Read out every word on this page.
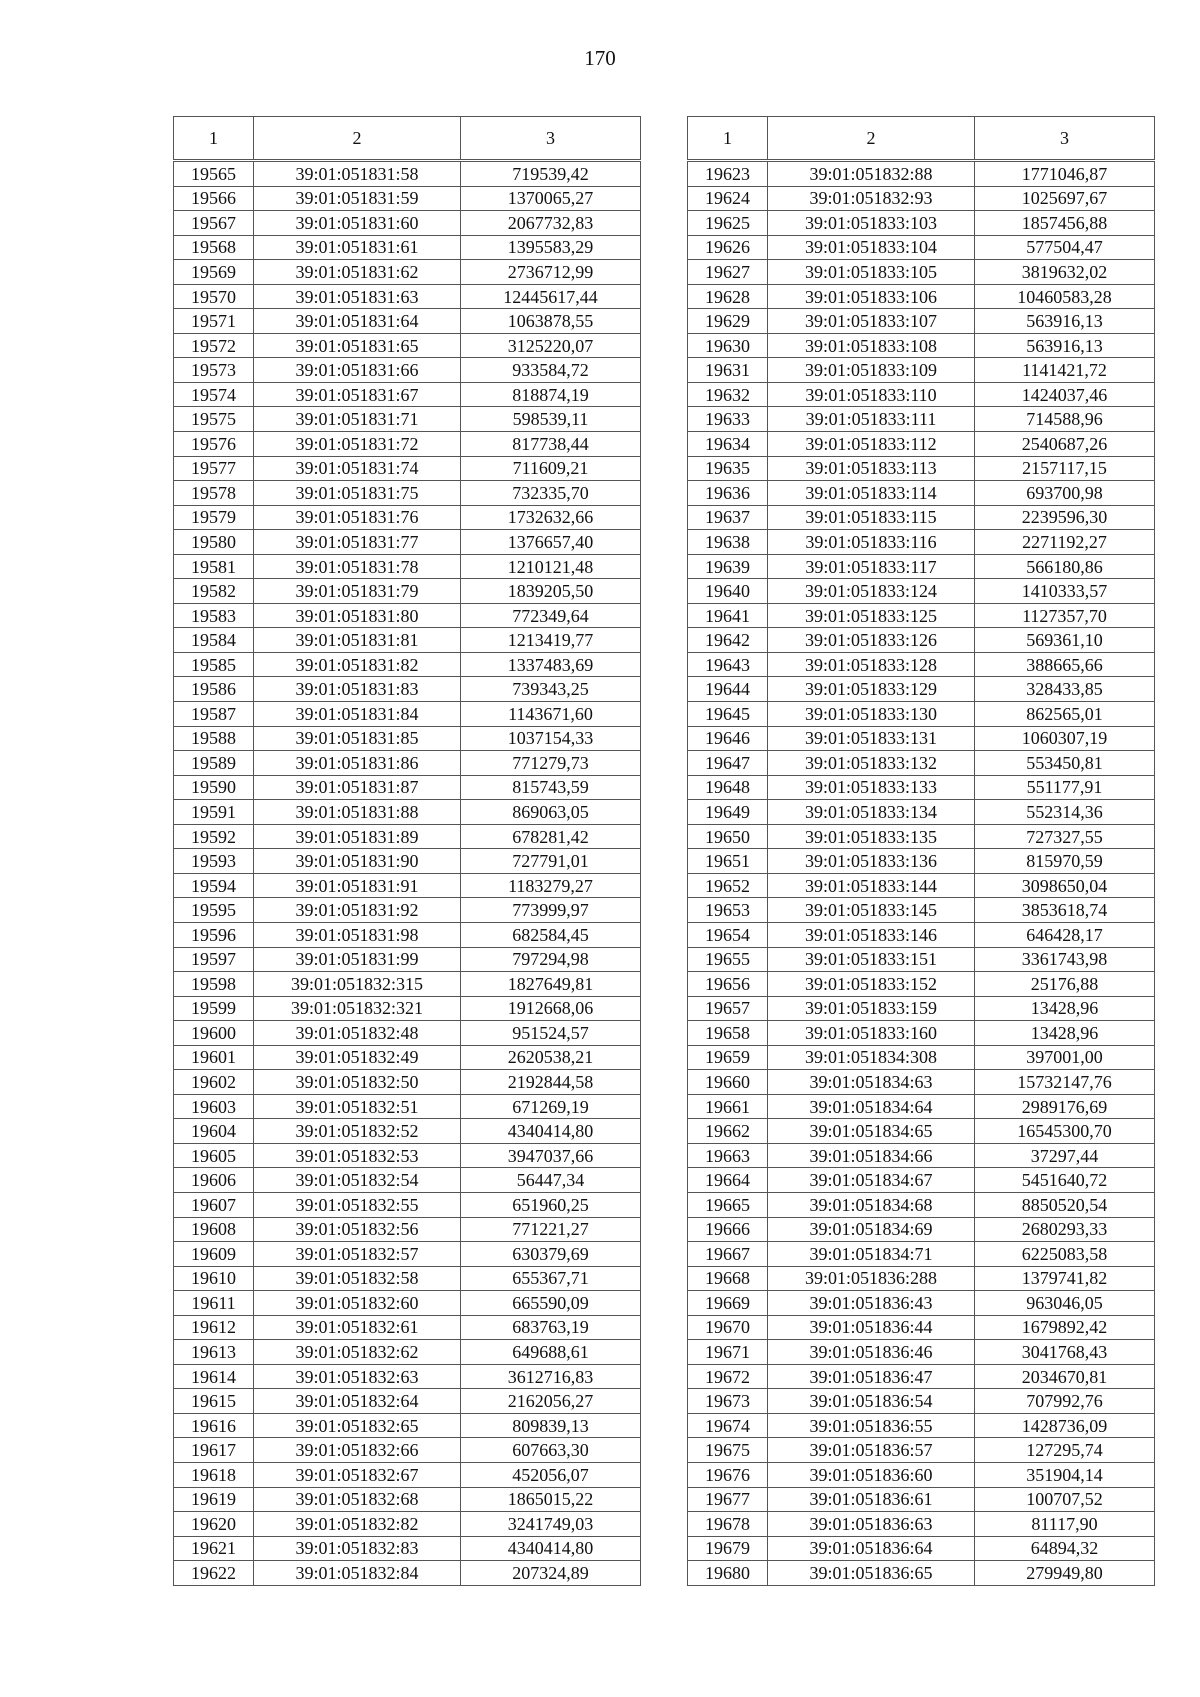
170
1	2	3
19565	39:01:051831:58	719539,42
19566	39:01:051831:59	1370065,27
19567	39:01:051831:60	2067732,83
19568	39:01:051831:61	1395583,29
19569	39:01:051831:62	2736712,99
19570	39:01:051831:63	12445617,44
19571	39:01:051831:64	1063878,55
19572	39:01:051831:65	3125220,07
19573	39:01:051831:66	933584,72
19574	39:01:051831:67	818874,19
19575	39:01:051831:71	598539,11
19576	39:01:051831:72	817738,44
19577	39:01:051831:74	711609,21
19578	39:01:051831:75	732335,70
19579	39:01:051831:76	1732632,66
19580	39:01:051831:77	1376657,40
19581	39:01:051831:78	1210121,48
19582	39:01:051831:79	1839205,50
19583	39:01:051831:80	772349,64
19584	39:01:051831:81	1213419,77
19585	39:01:051831:82	1337483,69
19586	39:01:051831:83	739343,25
19587	39:01:051831:84	1143671,60
19588	39:01:051831:85	1037154,33
19589	39:01:051831:86	771279,73
19590	39:01:051831:87	815743,59
19591	39:01:051831:88	869063,05
19592	39:01:051831:89	678281,42
19593	39:01:051831:90	727791,01
19594	39:01:051831:91	1183279,27
19595	39:01:051831:92	773999,97
19596	39:01:051831:98	682584,45
19597	39:01:051831:99	797294,98
19598	39:01:051832:315	1827649,81
19599	39:01:051832:321	1912668,06
19600	39:01:051832:48	951524,57
19601	39:01:051832:49	2620538,21
19602	39:01:051832:50	2192844,58
19603	39:01:051832:51	671269,19
19604	39:01:051832:52	4340414,80
19605	39:01:051832:53	3947037,66
19606	39:01:051832:54	56447,34
19607	39:01:051832:55	651960,25
19608	39:01:051832:56	771221,27
19609	39:01:051832:57	630379,69
19610	39:01:051832:58	655367,71
19611	39:01:051832:60	665590,09
19612	39:01:051832:61	683763,19
19613	39:01:051832:62	649688,61
19614	39:01:051832:63	3612716,83
19615	39:01:051832:64	2162056,27
19616	39:01:051832:65	809839,13
19617	39:01:051832:66	607663,30
19618	39:01:051832:67	452056,07
19619	39:01:051832:68	1865015,22
19620	39:01:051832:82	3241749,03
19621	39:01:051832:83	4340414,80
19622	39:01:051832:84	207324,89
1	2	3
19623	39:01:051832:88	1771046,87
19624	39:01:051832:93	1025697,67
19625	39:01:051833:103	1857456,88
19626	39:01:051833:104	577504,47
19627	39:01:051833:105	3819632,02
19628	39:01:051833:106	10460583,28
19629	39:01:051833:107	563916,13
19630	39:01:051833:108	563916,13
19631	39:01:051833:109	1141421,72
19632	39:01:051833:110	1424037,46
19633	39:01:051833:111	714588,96
19634	39:01:051833:112	2540687,26
19635	39:01:051833:113	2157117,15
19636	39:01:051833:114	693700,98
19637	39:01:051833:115	2239596,30
19638	39:01:051833:116	2271192,27
19639	39:01:051833:117	566180,86
19640	39:01:051833:124	1410333,57
19641	39:01:051833:125	1127357,70
19642	39:01:051833:126	569361,10
19643	39:01:051833:128	388665,66
19644	39:01:051833:129	328433,85
19645	39:01:051833:130	862565,01
19646	39:01:051833:131	1060307,19
19647	39:01:051833:132	553450,81
19648	39:01:051833:133	551177,91
19649	39:01:051833:134	552314,36
19650	39:01:051833:135	727327,55
19651	39:01:051833:136	815970,59
19652	39:01:051833:144	3098650,04
19653	39:01:051833:145	3853618,74
19654	39:01:051833:146	646428,17
19655	39:01:051833:151	3361743,98
19656	39:01:051833:152	25176,88
19657	39:01:051833:159	13428,96
19658	39:01:051833:160	13428,96
19659	39:01:051834:308	397001,00
19660	39:01:051834:63	15732147,76
19661	39:01:051834:64	2989176,69
19662	39:01:051834:65	16545300,70
19663	39:01:051834:66	37297,44
19664	39:01:051834:67	5451640,72
19665	39:01:051834:68	8850520,54
19666	39:01:051834:69	2680293,33
19667	39:01:051834:71	6225083,58
19668	39:01:051836:288	1379741,82
19669	39:01:051836:43	963046,05
19670	39:01:051836:44	1679892,42
19671	39:01:051836:46	3041768,43
19672	39:01:051836:47	2034670,81
19673	39:01:051836:54	707992,76
19674	39:01:051836:55	1428736,09
19675	39:01:051836:57	127295,74
19676	39:01:051836:60	351904,14
19677	39:01:051836:61	100707,52
19678	39:01:051836:63	81117,90
19679	39:01:051836:64	64894,32
19680	39:01:051836:65	279949,80
